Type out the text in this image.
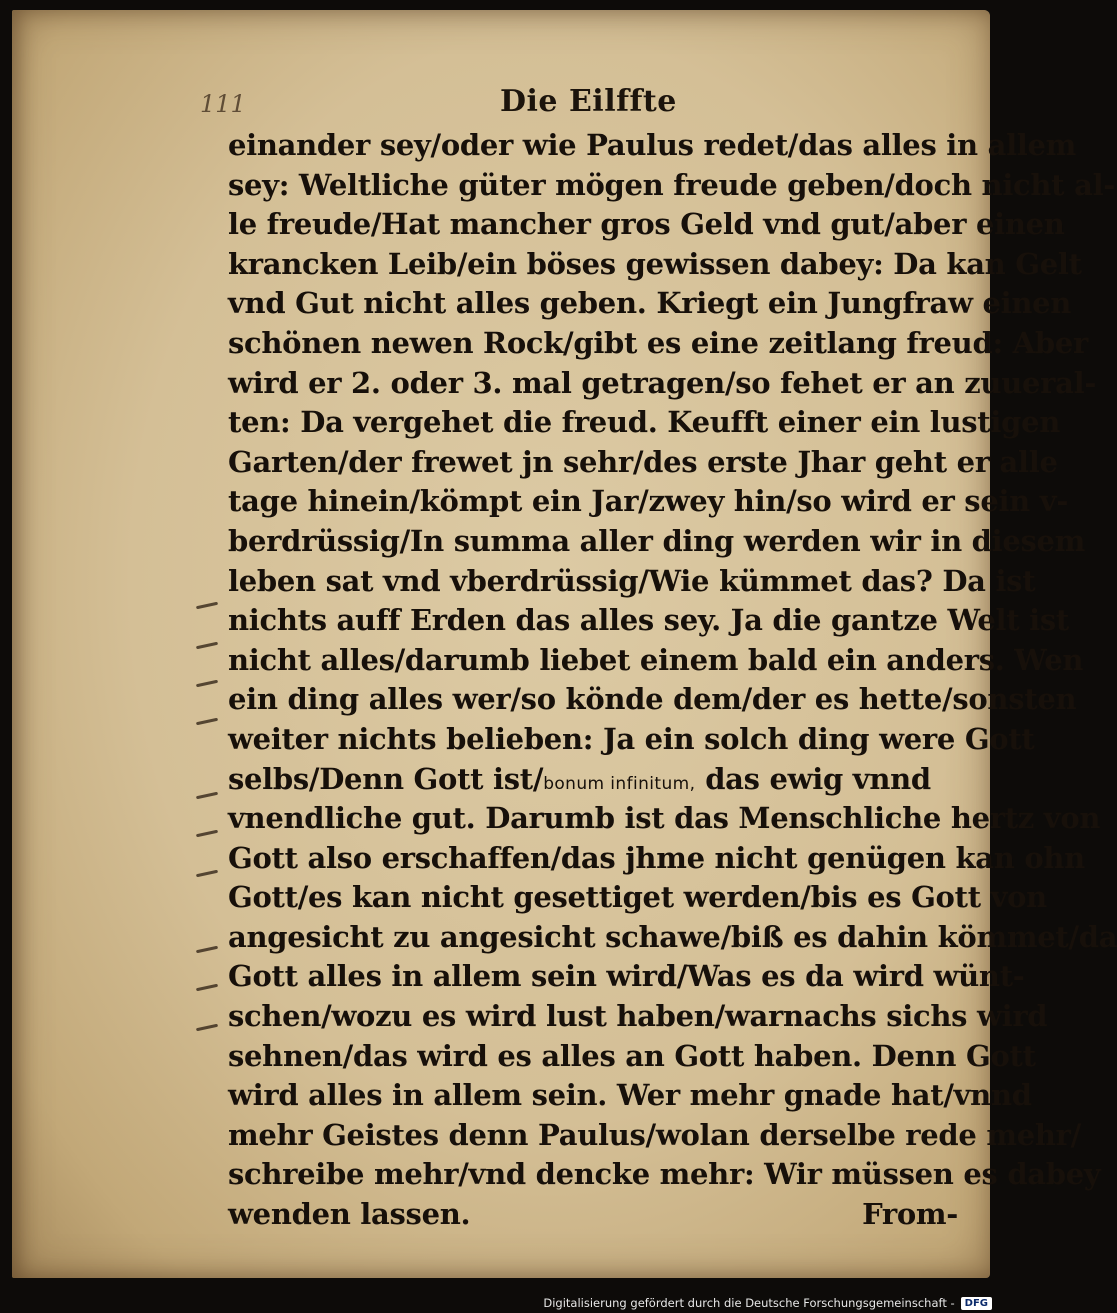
111	Die Eilffte
einander sey/oder wie Paulus redet/das alles in allem
sey: Weltliche güter mögen freude geben/doch nicht al-
le freude/Hat mancher gros Geld vnd gut/aber einen
krancken Leib/ein böses gewissen dabey: Da kan Gelt
vnd Gut nicht alles geben. Kriegt ein Jungfraw einen
schönen newen Rock/gibt es eine zeitlang freud: Aber
wird er 2. oder 3. mal getragen/so fehet er an zuueral-
ten: Da vergehet die freud. Keufft einer ein lustigen
Garten/der frewet jn sehr/des erste Jhar geht er alle
tage hinein/kömpt ein Jar/zwey hin/so wird er sein v-
berdrüssig/In summa aller ding werden wir in diesem
leben sat vnd vberdrüssig/Wie kümmet das? Da ist
nichts auff Erden das alles sey. Ja die gantze Welt ist
nicht alles/darumb liebet einem bald ein anders. Wen
ein ding alles wer/so könde dem/der es hette/sonsten
weiter nichts belieben: Ja ein solch ding were Gott
selbs/Denn Gott ist/bonum infinitum, das ewig vnnd
vnendliche gut. Darumb ist das Menschliche hertz von
Gott also erschaffen/das jhme nicht genügen kan ohn
Gott/es kan nicht gesettiget werden/bis es Gott von
angesicht zu angesicht schawe/biß es dahin kömmet/da
Gott alles in allem sein wird/Was es da wird wünt-
schen/wozu es wird lust haben/warnachs sichs wird
sehnen/das wird es alles an Gott haben. Denn Gott
wird alles in allem sein. Wer mehr gnade hat/vnnd
mehr Geistes denn Paulus/wolan derselbe rede mehr/
schreibe mehr/vnd dencke mehr: Wir müssen es dabey
wenden lassen.	From-
Digitalisierung gefördert durch die Deutsche Forschungsgemeinschaft -	DFG
